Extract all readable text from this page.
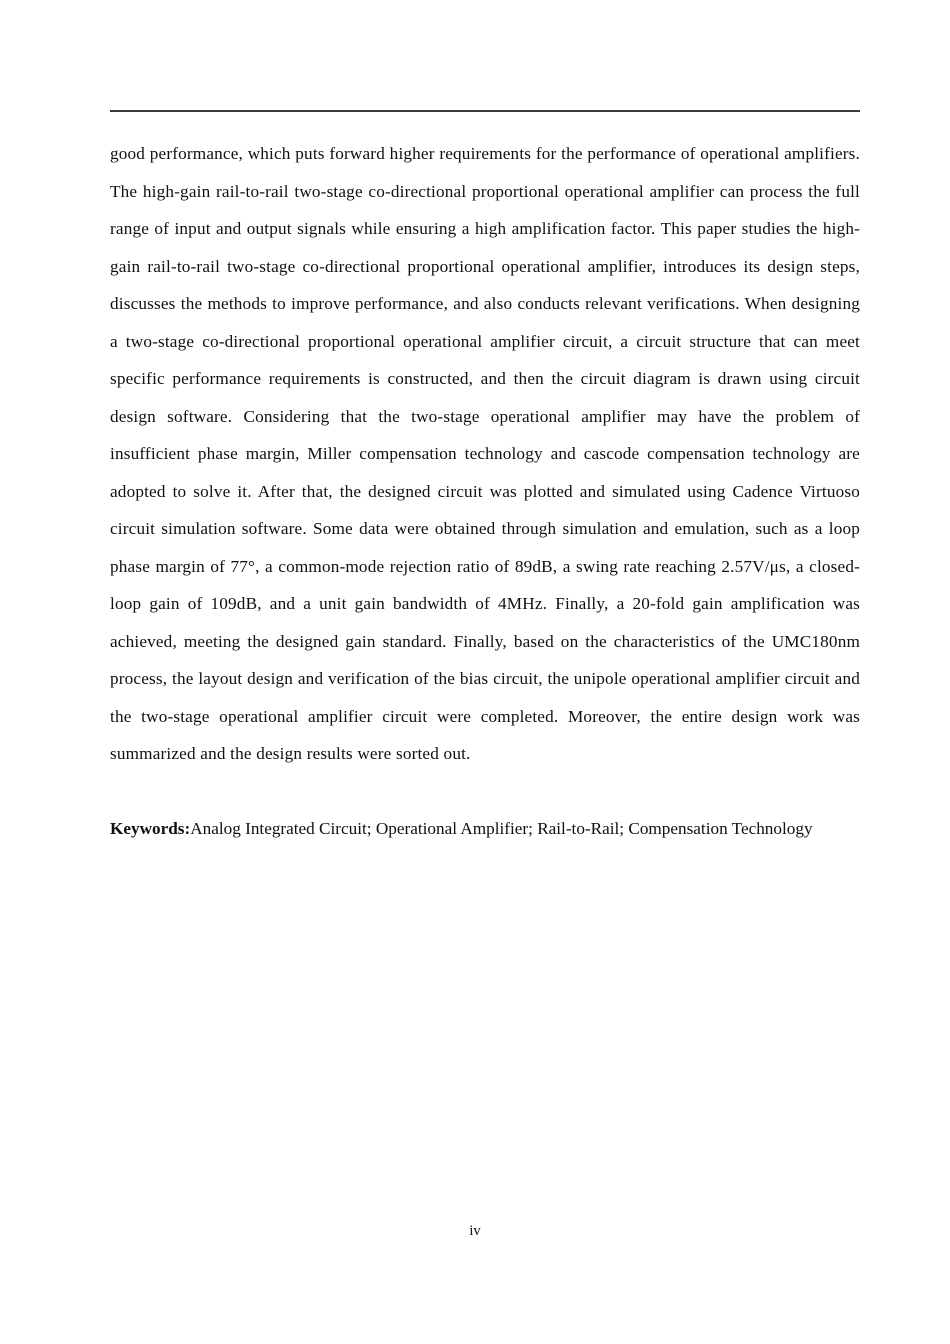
good performance, which puts forward higher requirements for the performance of operational amplifiers. The high-gain rail-to-rail two-stage co-directional proportional operational amplifier can process the full range of input and output signals while ensuring a high amplification factor. This paper studies the high-gain rail-to-rail two-stage co-directional proportional operational amplifier, introduces its design steps, discusses the methods to improve performance, and also conducts relevant verifications. When designing a two-stage co-directional proportional operational amplifier circuit, a circuit structure that can meet specific performance requirements is constructed, and then the circuit diagram is drawn using circuit design software. Considering that the two-stage operational amplifier may have the problem of insufficient phase margin, Miller compensation technology and cascode compensation technology are adopted to solve it. After that, the designed circuit was plotted and simulated using Cadence Virtuoso circuit simulation software. Some data were obtained through simulation and emulation, such as a loop phase margin of 77°, a common-mode rejection ratio of 89dB, a swing rate reaching 2.57V/μs, a closed-loop gain of 109dB, and a unit gain bandwidth of 4MHz. Finally, a 20-fold gain amplification was achieved, meeting the designed gain standard. Finally, based on the characteristics of the UMC180nm process, the layout design and verification of the bias circuit, the unipole operational amplifier circuit and the two-stage operational amplifier circuit were completed. Moreover, the entire design work was summarized and the design results were sorted out.

Keywords:Analog Integrated Circuit; Operational Amplifier; Rail-to-Rail; Compensation Technology

iv
